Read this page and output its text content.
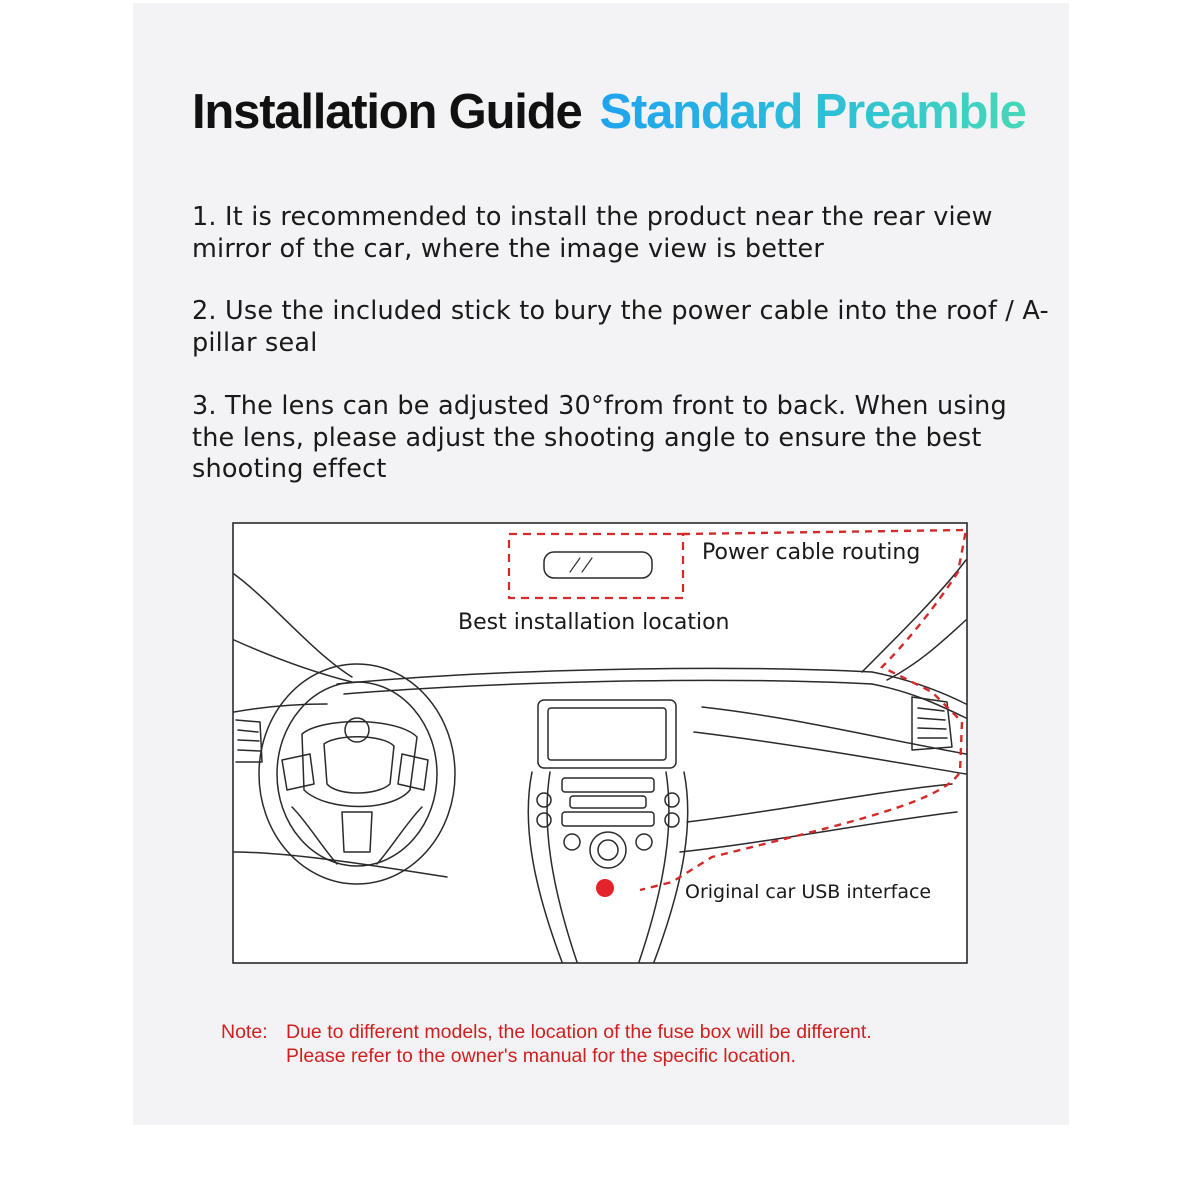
Installation Guide Standard Preamble

1. It is recommended to install the product near the rear view mirror of the car, where the image view is better

2. Use the included stick to bury the power cable into the roof / A-pillar seal

3. The lens can be adjusted 30°from front to back. When using the lens, please adjust the shooting angle to ensure the best shooting effect

Power cable routing
Best installation location
Original car USB interface
Note: Due to different models, the location of the fuse box will be different.
Please refer to the owner's manual for the specific location.
